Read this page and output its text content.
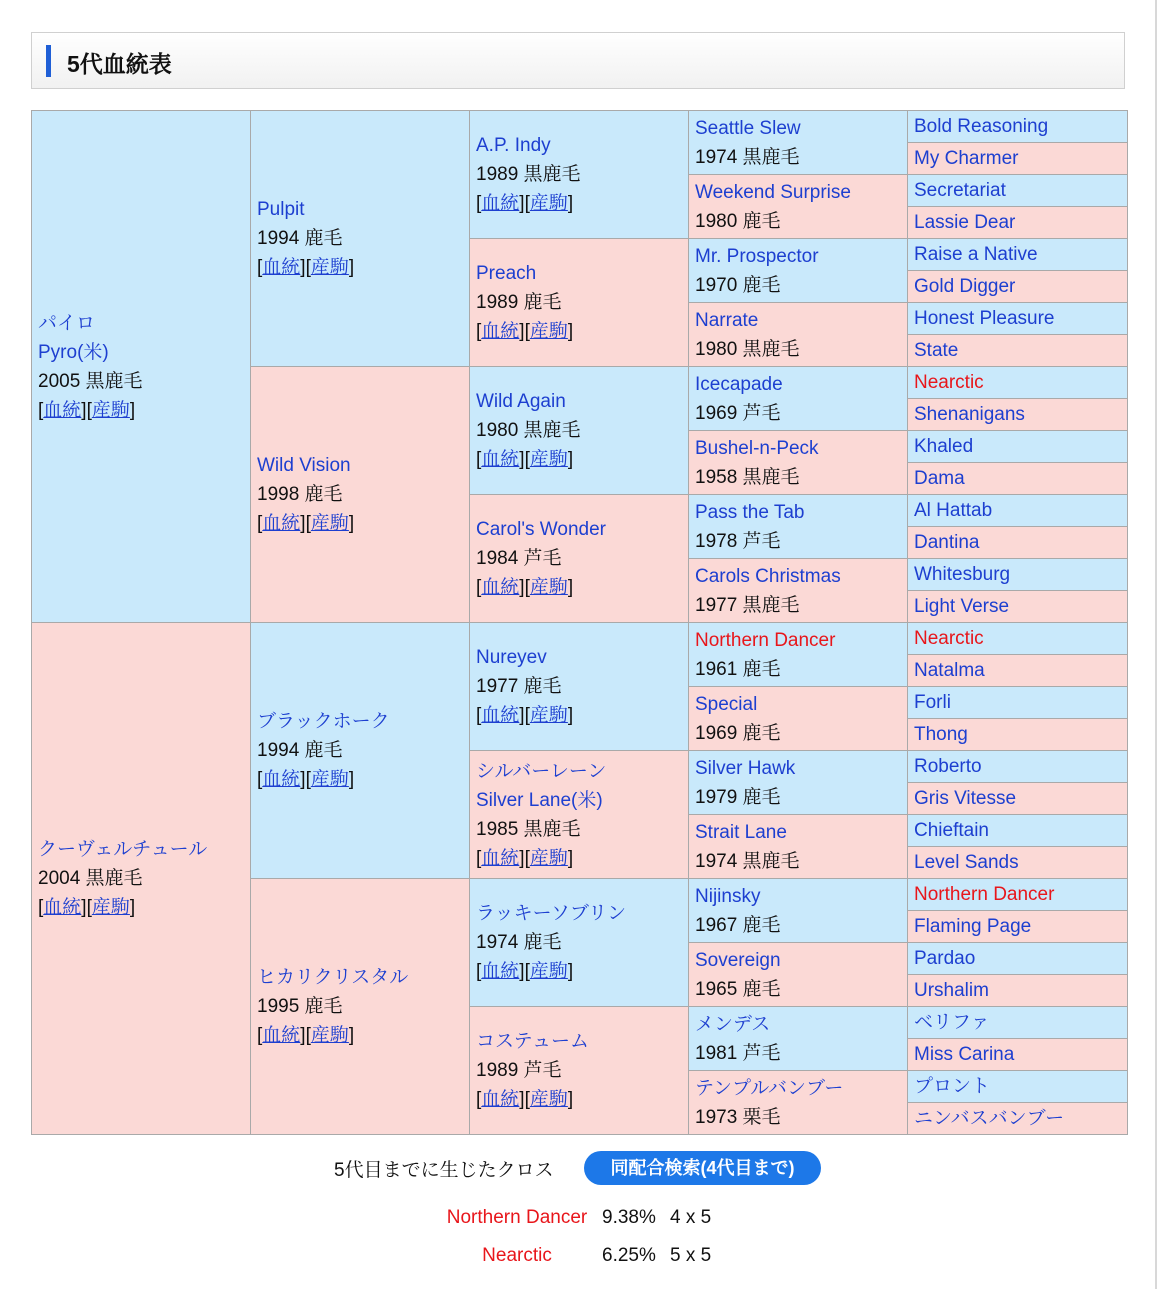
5代血統表
パイロ
Pyro(米)
2005 黒鹿毛
[血統][産駒]	Pulpit
1994 鹿毛
[血統][産駒]	A.P. Indy
1989 黒鹿毛
[血統][産駒]	Seattle Slew
1974 黒鹿毛	Bold Reasoning

				My Charmer

			Weekend Surprise
1980 鹿毛	Secretariat

				Lassie Dear

		Preach
1989 鹿毛
[血統][産駒]	Mr. Prospector
1970 鹿毛	Raise a Native

				Gold Digger

			Narrate
1980 黒鹿毛	Honest Pleasure

				State

	Wild Vision
1998 鹿毛
[血統][産駒]	Wild Again
1980 黒鹿毛
[血統][産駒]	Icecapade
1969 芦毛	Nearctic

				Shenanigans

			Bushel-n-Peck
1958 黒鹿毛	Khaled

				Dama

		Carol's Wonder
1984 芦毛
[血統][産駒]	Pass the Tab
1978 芦毛	Al Hattab

				Dantina

			Carols Christmas
1977 黒鹿毛	Whitesburg

				Light Verse

クーヴェルチュール
2004 黒鹿毛
[血統][産駒]	ブラックホーク
1994 鹿毛
[血統][産駒]	Nureyev
1977 鹿毛
[血統][産駒]	Northern Dancer
1961 鹿毛	Nearctic

				Natalma

			Special
1969 鹿毛	Forli

				Thong

		シルバーレーン
Silver Lane(米)
1985 黒鹿毛
[血統][産駒]	Silver Hawk
1979 鹿毛	Roberto

				Gris Vitesse

			Strait Lane
1974 黒鹿毛	Chieftain

				Level Sands

	ヒカリクリスタル
1995 鹿毛
[血統][産駒]	ラッキーソブリン
1974 鹿毛
[血統][産駒]	Nijinsky
1967 鹿毛	Northern Dancer

				Flaming Page

			Sovereign
1965 鹿毛	Pardao

				Urshalim

		コステューム
1989 芦毛
[血統][産駒]	メンデス
1981 芦毛	ベリファ

				Miss Carina

			テンプルバンブー
1973 栗毛	プロント

				ニンバスバンブー
5代目までに生じたクロス	同配合検索(4代目まで)
Northern Dancer 9.38% 4 x 5
Nearctic	6.25% 5 x 5
